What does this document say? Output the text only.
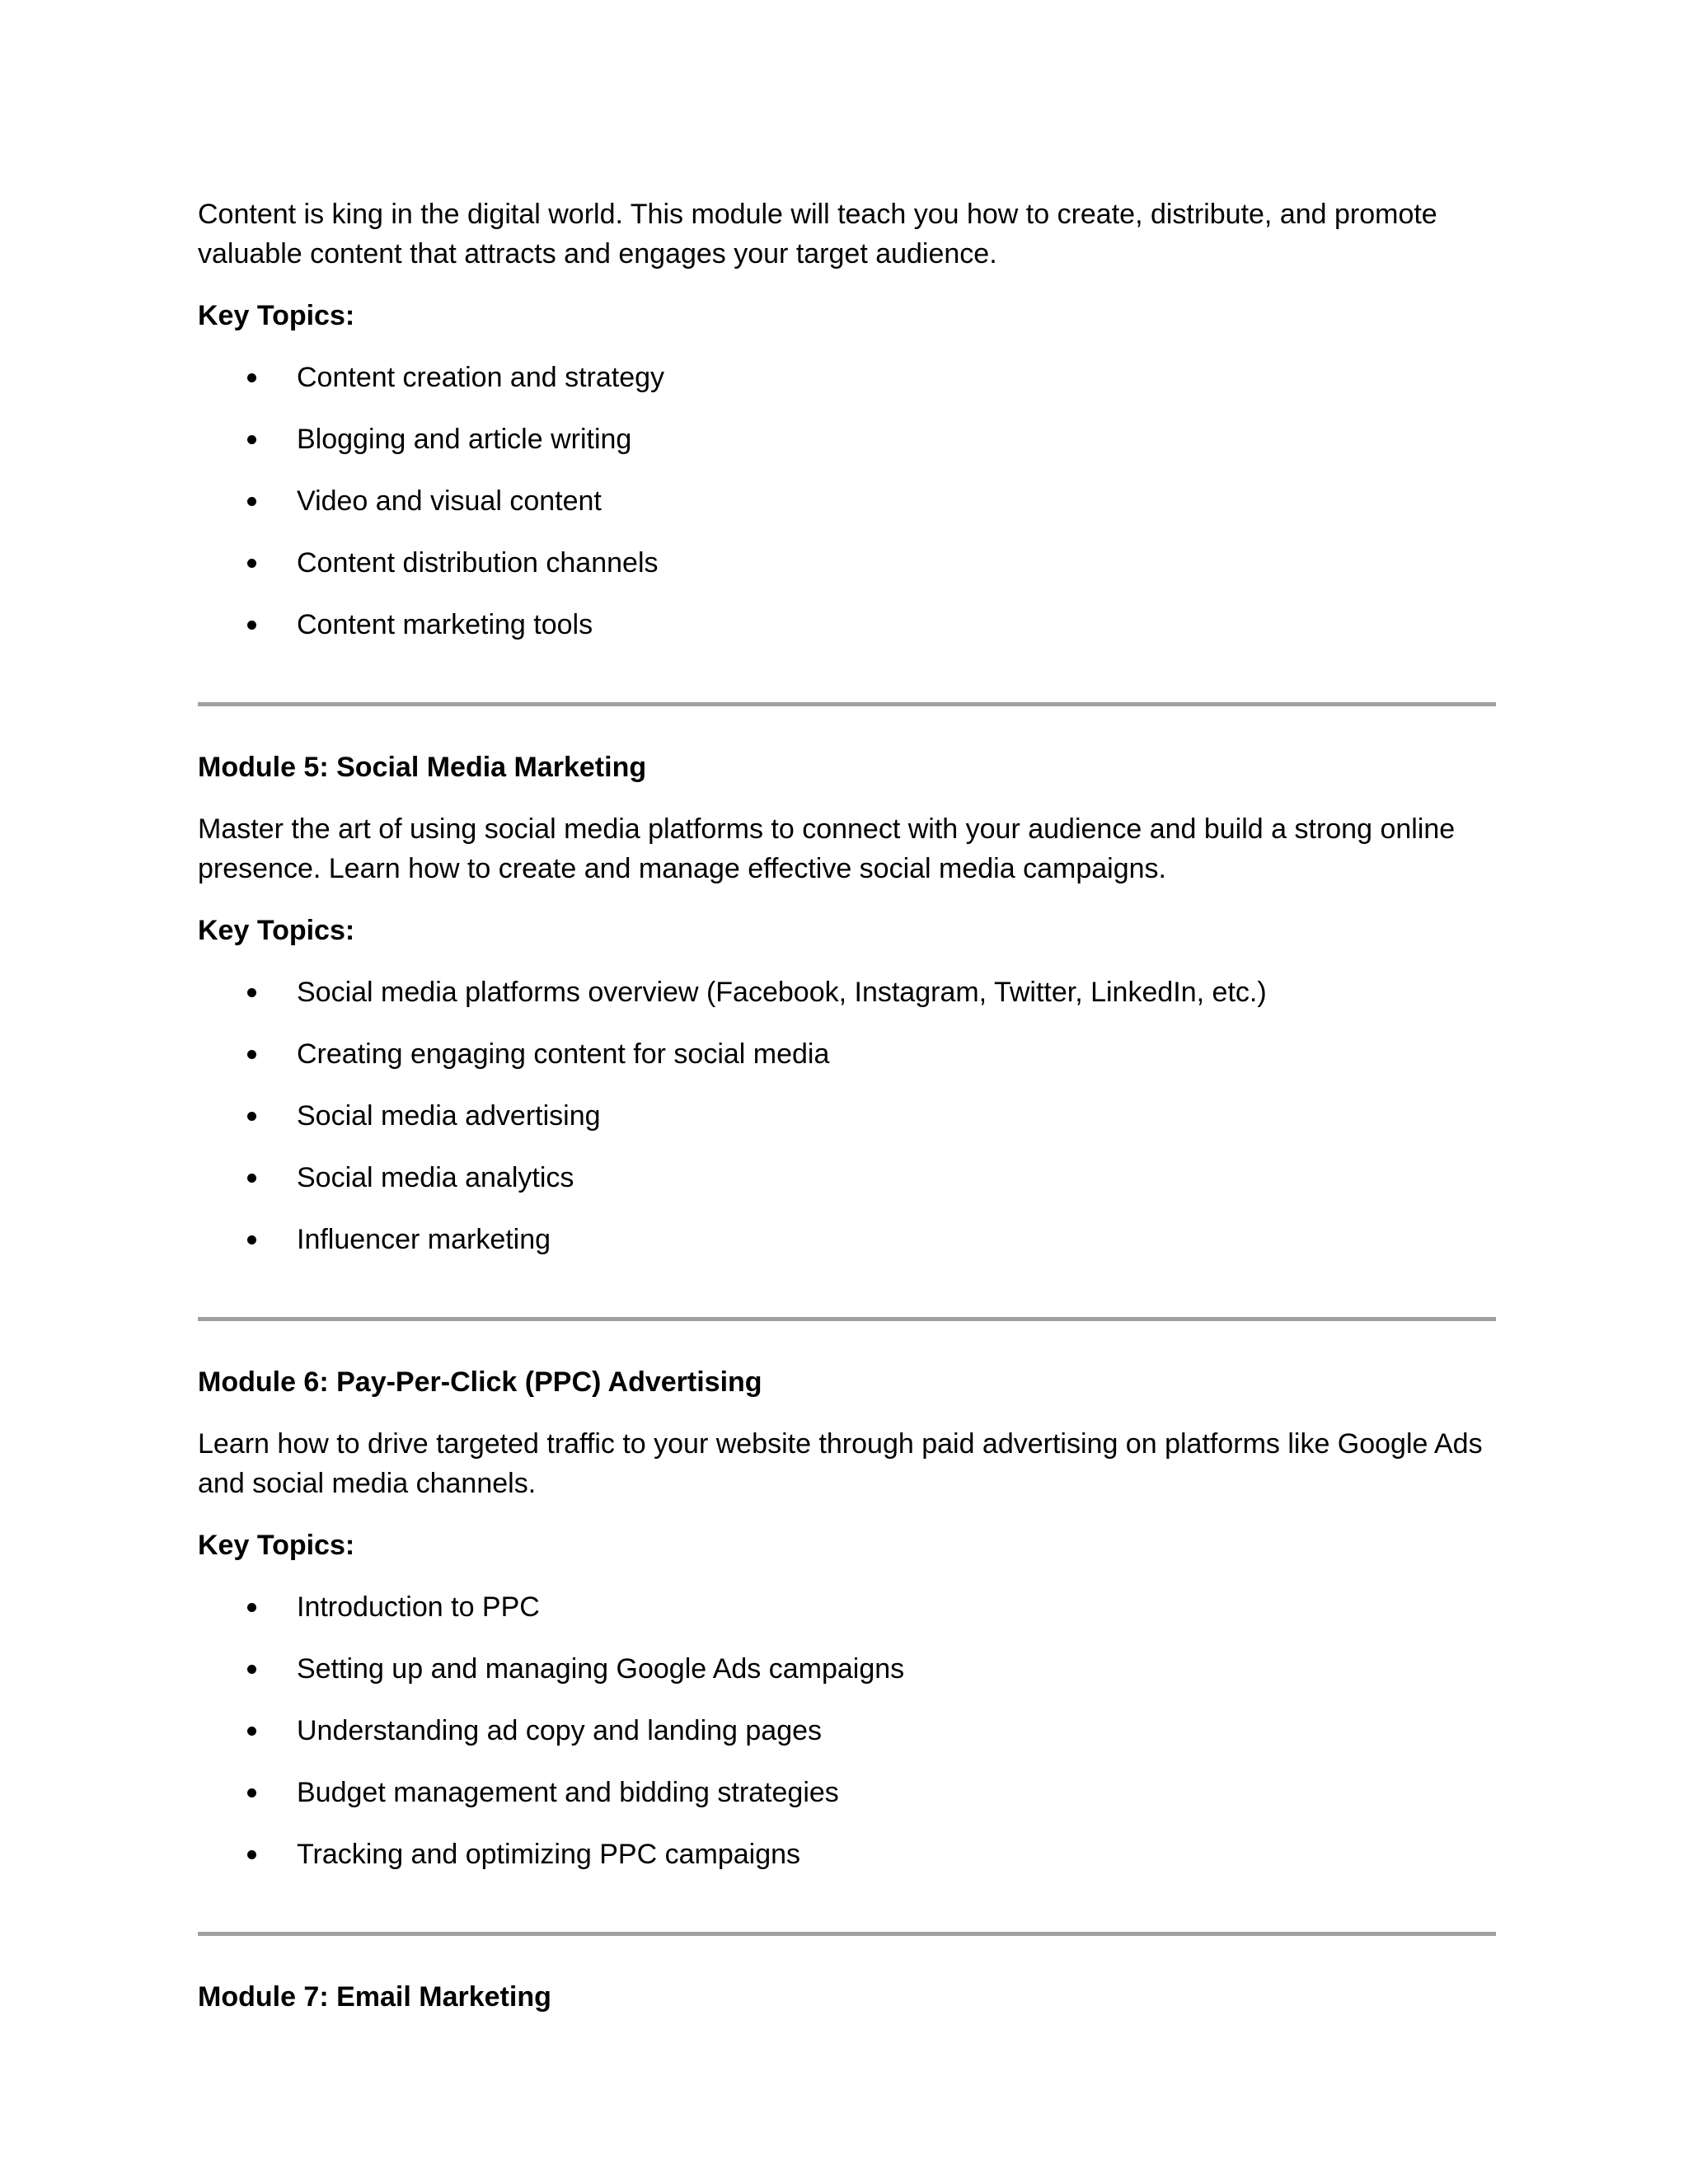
Content is king in the digital world. This module will teach you how to create, distribute, and promote valuable content that attracts and engages your target audience.

Key Topics:
Content creation and strategy
Blogging and article writing
Video and visual content
Content distribution channels
Content marketing tools
Module 5: Social Media Marketing

Master the art of using social media platforms to connect with your audience and build a strong online presence. Learn how to create and manage effective social media campaigns.

Key Topics:
Social media platforms overview (Facebook, Instagram, Twitter, LinkedIn, etc.)
Creating engaging content for social media
Social media advertising
Social media analytics
Influencer marketing
Module 6: Pay-Per-Click (PPC) Advertising

Learn how to drive targeted traffic to your website through paid advertising on platforms like Google Ads and social media channels.

Key Topics:
Introduction to PPC
Setting up and managing Google Ads campaigns
Understanding ad copy and landing pages
Budget management and bidding strategies
Tracking and optimizing PPC campaigns
Module 7: Email Marketing
